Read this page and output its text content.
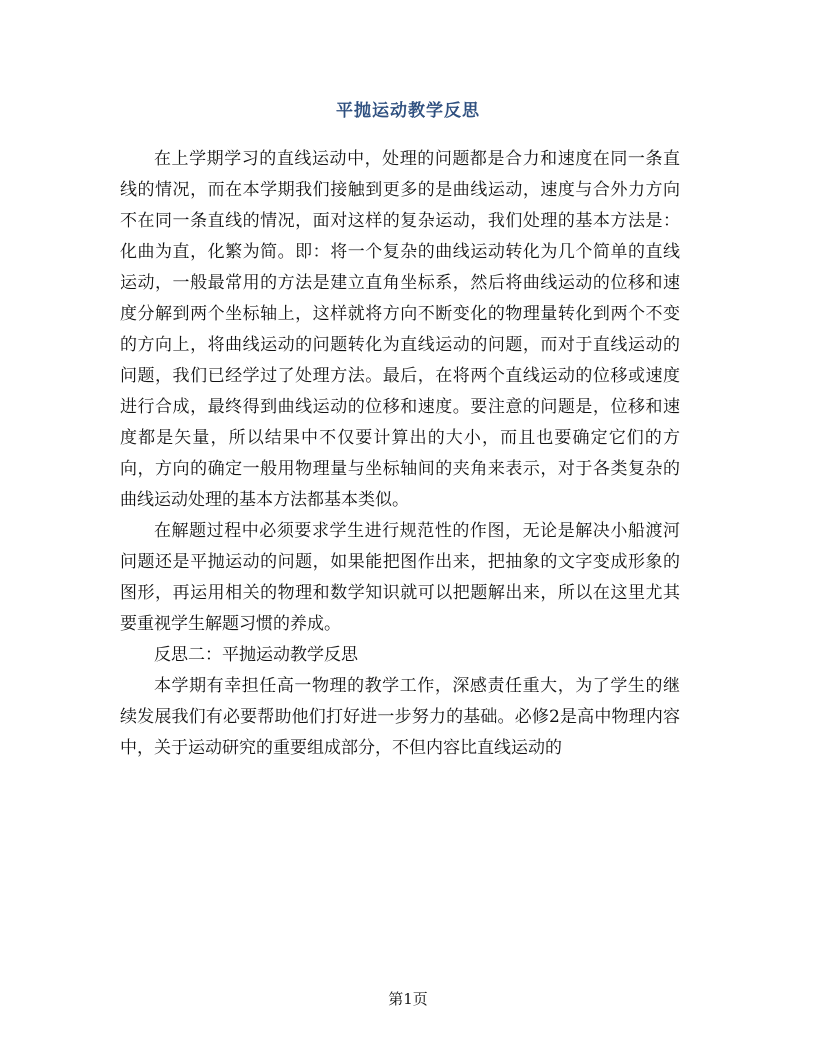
平抛运动教学反思

在上学期学习的直线运动中，处理的问题都是合力和速度在同一条直线的情况，而在本学期我们接触到更多的是曲线运动，速度与合外力方向不在同一条直线的情况，面对这样的复杂运动，我们处理的基本方法是：化曲为直，化繁为简。即：将一个复杂的曲线运动转化为几个简单的直线运动，一般最常用的方法是建立直角坐标系，然后将曲线运动的位移和速度分解到两个坐标轴上，这样就将方向不断变化的物理量转化到两个不变的方向上，将曲线运动的问题转化为直线运动的问题，而对于直线运动的问题，我们已经学过了处理方法。最后，在将两个直线运动的位移或速度进行合成，最终得到曲线运动的位移和速度。要注意的问题是，位移和速度都是矢量，所以结果中不仅要计算出的大小，而且也要确定它们的方向，方向的确定一般用物理量与坐标轴间的夹角来表示，对于各类复杂的曲线运动处理的基本方法都基本类似。

在解题过程中必须要求学生进行规范性的作图，无论是解决小船渡河问题还是平抛运动的问题，如果能把图作出来，把抽象的文字变成形象的图形，再运用相关的物理和数学知识就可以把题解出来，所以在这里尤其要重视学生解题习惯的养成。

反思二：平抛运动教学反思

本学期有幸担任高一物理的教学工作，深感责任重大，为了学生的继续发展我们有必要帮助他们打好进一步努力的基础。必修2是高中物理内容中，关于运动研究的重要组成部分，不但内容比直线运动的

第1页
